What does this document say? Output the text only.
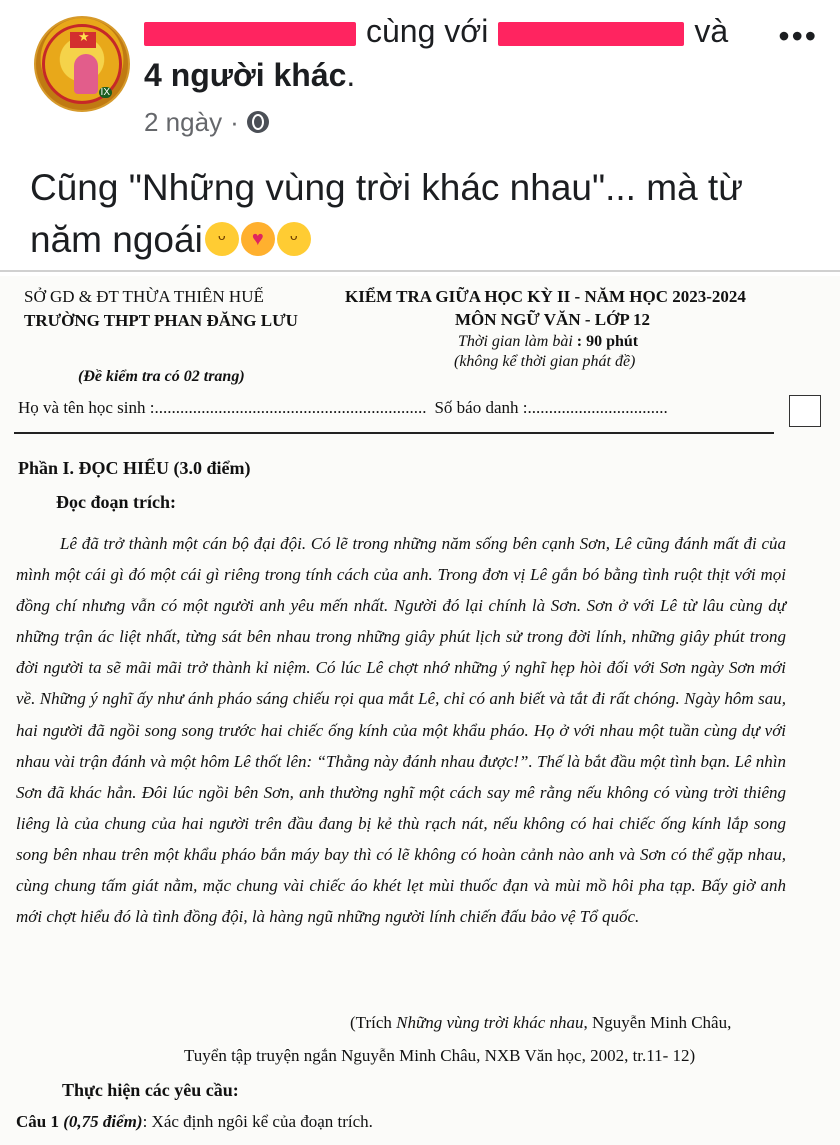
★
IX
cùng với	và •••
4 người khác.
2 ngày ·
Cũng "Những vùng trời khác nhau"... mà từ
năm ngoái ᵕ ♥ ᵕ
SỞ GD & ĐT THỪA THIÊN HUẾ
TRƯỜNG THPT PHAN ĐĂNG LƯU
KIỂM TRA GIỮA HỌC KỲ II - NĂM HỌC 2023-2024
MÔN NGỮ VĂN - LỚP 12
Thời gian làm bài : 90 phút
(không kể thời gian phát đề)
(Đề kiểm tra có 02 trang)
Họ và tên học sinh :................................................................ Số báo danh :.................................
Phần I. ĐỌC HIỂU (3.0 điểm)
Đọc đoạn trích:

Lê đã trở thành một cán bộ đại đội. Có lẽ trong những năm sống bên cạnh Sơn, Lê cũng đánh mất đi của mình một cái gì đó một cái gì riêng trong tính cách của anh. Trong đơn vị Lê gắn bó bằng tình ruột thịt với mọi đồng chí nhưng vẫn có một người anh yêu mến nhất. Người đó lại chính là Sơn. Sơn ở với Lê từ lâu cùng dự những trận ác liệt nhất, từng sát bên nhau trong những giây phút lịch sử trong đời lính, những giây phút trong đời người ta sẽ mãi mãi trở thành kỉ niệm. Có lúc Lê chợt nhớ những ý nghĩ hẹp hòi đối với Sơn ngày Sơn mới về. Những ý nghĩ ấy như ánh pháo sáng chiếu rọi qua mắt Lê, chỉ có anh biết và tắt đi rất chóng. Ngày hôm sau, hai người đã ngồi song song trước hai chiếc ống kính của một khẩu pháo. Họ ở với nhau một tuần cùng dự với nhau vài trận đánh và một hôm Lê thốt lên: “Thằng này đánh nhau được!”. Thế là bắt đầu một tình bạn. Lê nhìn Sơn đã khác hẳn. Đôi lúc ngồi bên Sơn, anh thường nghĩ một cách say mê rằng nếu không có vùng trời thiêng liêng là của chung của hai người trên đầu đang bị kẻ thù rạch nát, nếu không có hai chiếc ống kính lắp song song bên nhau trên một khẩu pháo bắn máy bay thì có lẽ không có hoàn cảnh nào anh và Sơn có thể gặp nhau, cùng chung tấm giát nằm, mặc chung vài chiếc áo khét lẹt mùi thuốc đạn và mùi mồ hôi pha tạp. Bấy giờ anh mới chợt hiểu đó là tình đồng đội, là hàng ngũ những người lính chiến đấu bảo vệ Tổ quốc.

(Trích Những vùng trời khác nhau, Nguyễn Minh Châu,
Tuyển tập truyện ngắn Nguyễn Minh Châu, NXB Văn học, 2002, tr.11- 12)
Thực hiện các yêu cầu:
Câu 1 (0,75 điểm): Xác định ngôi kể của đoạn trích.
